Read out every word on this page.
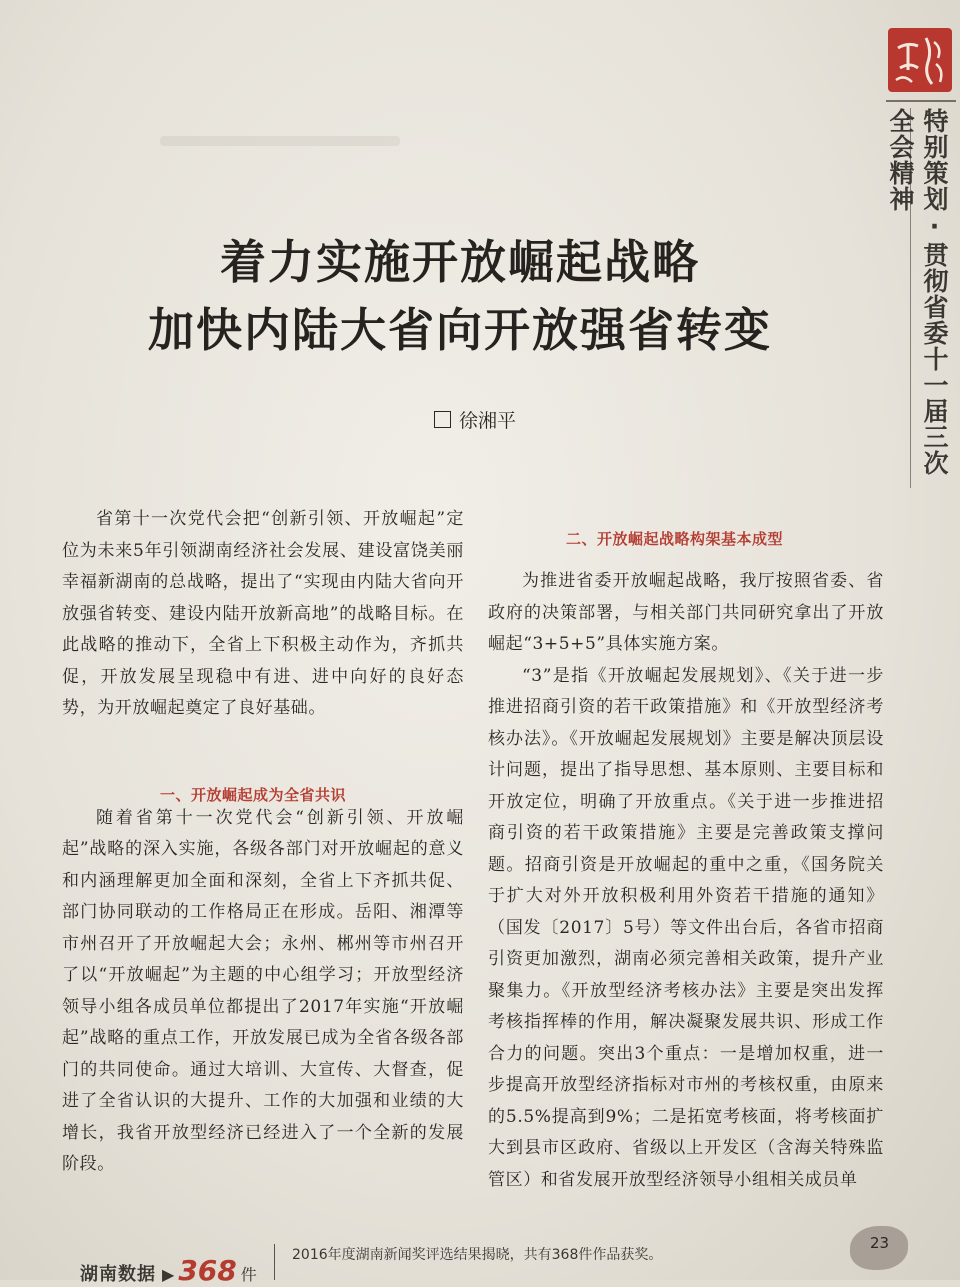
特别策划·贯彻省委十一届三次全会精神
着力实施开放崛起战略
加快内陆大省向开放强省转变
徐湘平

省第十一次党代会把“创新引领、开放崛起”定位为未来5年引领湖南经济社会发展、建设富饶美丽幸福新湖南的总战略，提出了“实现由内陆大省向开放强省转变、建设内陆开放新高地”的战略目标。在此战略的推动下，全省上下积极主动作为，齐抓共促，开放发展呈现稳中有进、进中向好的良好态势，为开放崛起奠定了良好基础。

随着省第十一次党代会“创新引领、开放崛起”战略的深入实施，各级各部门对开放崛起的意义和内涵理解更加全面和深刻，全省上下齐抓共促、部门协同联动的工作格局正在形成。岳阳、湘潭等市州召开了开放崛起大会；永州、郴州等市州召开了以“开放崛起”为主题的中心组学习；开放型经济领导小组各成员单位都提出了2017年实施“开放崛起”战略的重点工作，开放发展已成为全省各级各部门的共同使命。通过大培训、大宣传、大督查，促进了全省认识的大提升、工作的大加强和业绩的大增长，我省开放型经济已经进入了一个全新的发展阶段。

一、开放崛起成为全省共识
二、开放崛起战略构架基本成型

为推进省委开放崛起战略，我厅按照省委、省政府的决策部署，与相关部门共同研究拿出了开放崛起“3+5+5”具体实施方案。

“3”是指《开放崛起发展规划》、《关于进一步推进招商引资的若干政策措施》和《开放型经济考核办法》。《开放崛起发展规划》主要是解决顶层设计问题，提出了指导思想、基本原则、主要目标和开放定位，明确了开放重点。《关于进一步推进招商引资的若干政策措施》主要是完善政策支撑问题。招商引资是开放崛起的重中之重，《国务院关于扩大对外开放积极利用外资若干措施的通知》（国发〔2017〕5号）等文件出台后，各省市招商引资更加激烈，湖南必须完善相关政策，提升产业聚集力。《开放型经济考核办法》主要是突出发挥考核指挥棒的作用，解决凝聚发展共识、形成工作合力的问题。突出3个重点：一是增加权重，进一步提高开放型经济指标对市州的考核权重，由原来的5.5%提高到9%；二是拓宽考核面，将考核面扩大到县市区政府、省级以上开发区（含海关特殊监管区）和省发展开放型经济领导小组相关成员单

湖南数据 ▶ 368 件
2016年度湖南新闻奖评选结果揭晓，共有368件作品获奖。
23
